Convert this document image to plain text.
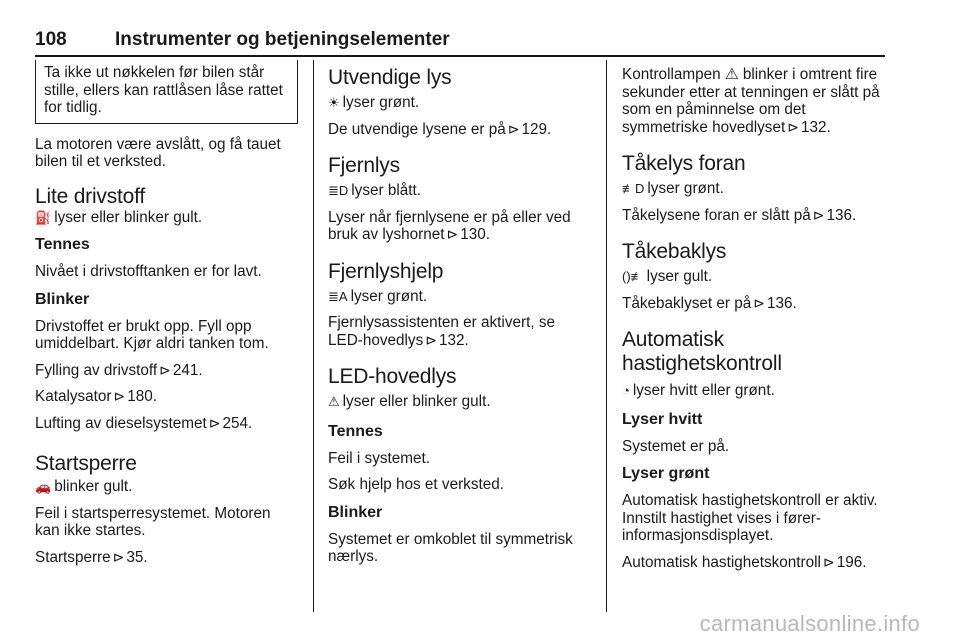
108	Instrumenter og betjeningselementer

Ta ikke ut nøkkelen før bilen står stille, ellers kan rattlåsen låse rattet for tidlig.

La motoren være avslått, og få tauet bilen til et verksted.

Lite drivstoff

⛽ lyser eller blinker gult.

Tennes

Nivået i drivstofftanken er for lavt.

Blinker

Drivstoffet er brukt opp. Fyll opp umiddelbart. Kjør aldri tanken tom.

Fylling av drivstoff ⊳ 241.

Katalysator ⊳ 180.

Lufting av dieselsystemet ⊳ 254.

Startsperre

🚗 blinker gult.

Feil i startsperresystemet. Motoren kan ikke startes.

Startsperre ⊳ 35.

Utvendige lys

☀ lyser grønt.

De utvendige lysene er på ⊳ 129.

Fjernlys

≣D lyser blått.

Lyser når fjernlysene er på eller ved bruk av lyshornet ⊳ 130.

Fjernlyshjelp

≣A lyser grønt.

Fjernlysassistenten er aktivert, se LED-hovedlys ⊳ 132.

LED-hovedlys

⚠ lyser eller blinker gult.

Tennes

Feil i systemet.

Søk hjelp hos et verksted.

Blinker

Systemet er omkoblet til symmetrisk nærlys.

Kontrollampen ⚠ blinker i omtrent fire sekunder etter at tenningen er slått på som en påminnelse om det symmetriske hovedlyset ⊳ 132.

Tåkelys foran

≢D lyser grønt.

Tåkelysene foran er slått på ⊳ 136.

Tåkebaklys

()≢ lyser gult.

Tåkebaklyset er på ⊳ 136.

Automatisk hastighetskontroll

◔ lyser hvitt eller grønt.

Lyser hvitt

Systemet er på.

Lyser grønt

Automatisk hastighetskontroll er aktiv. Innstilt hastighet vises i førerinformasjonsdisplayet.

Automatisk hastighetskontroll ⊳ 196.

carmanualsonline.info
